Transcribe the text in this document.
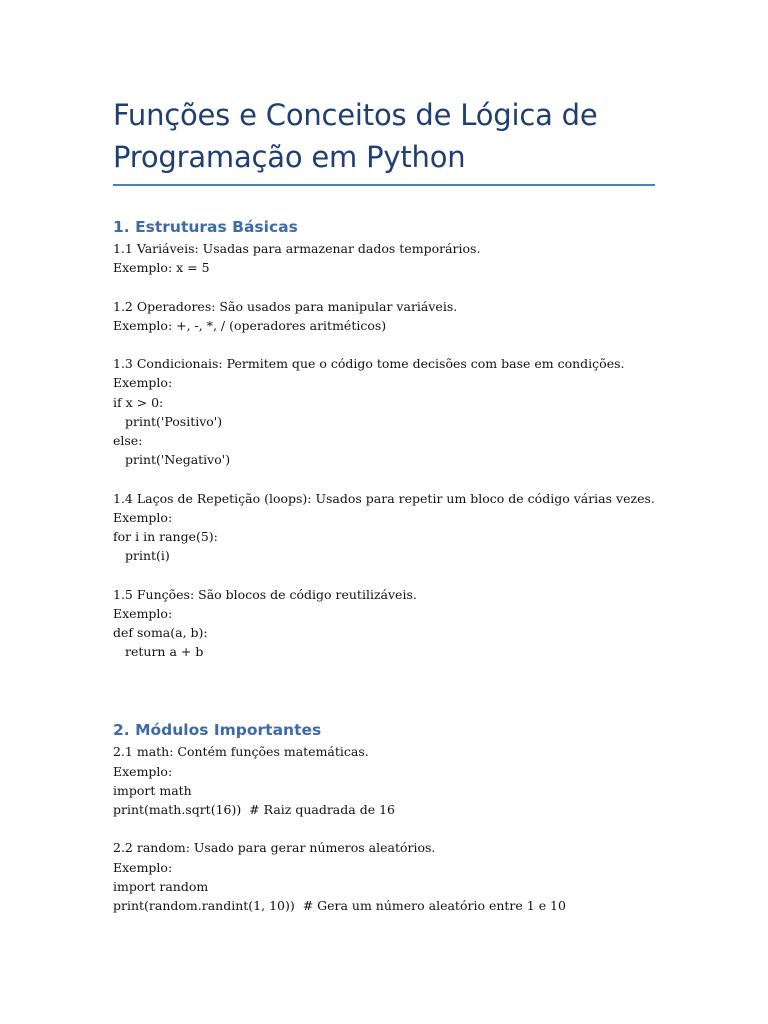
Funções e Conceitos de Lógica de
Programação em Python
1. Estruturas Básicas

1.1 Variáveis: Usadas para armazenar dados temporários.

Exemplo: x = 5

1.2 Operadores: São usados para manipular variáveis.

Exemplo: +, -, *, / (operadores aritméticos)

1.3 Condicionais: Permitem que o código tome decisões com base em condições.

Exemplo:

if x > 0:

print('Positivo')

else:

print('Negativo')

1.4 Laços de Repetição (loops): Usados para repetir um bloco de código várias vezes.

Exemplo:

for i in range(5):

print(i)

1.5 Funções: São blocos de código reutilizáveis.

Exemplo:

def soma(a, b):

return a + b

2. Módulos Importantes

2.1 math: Contém funções matemáticas.

Exemplo:

import math

print(math.sqrt(16))  # Raiz quadrada de 16

2.2 random: Usado para gerar números aleatórios.

Exemplo:

import random

print(random.randint(1, 10))  # Gera um número aleatório entre 1 e 10
